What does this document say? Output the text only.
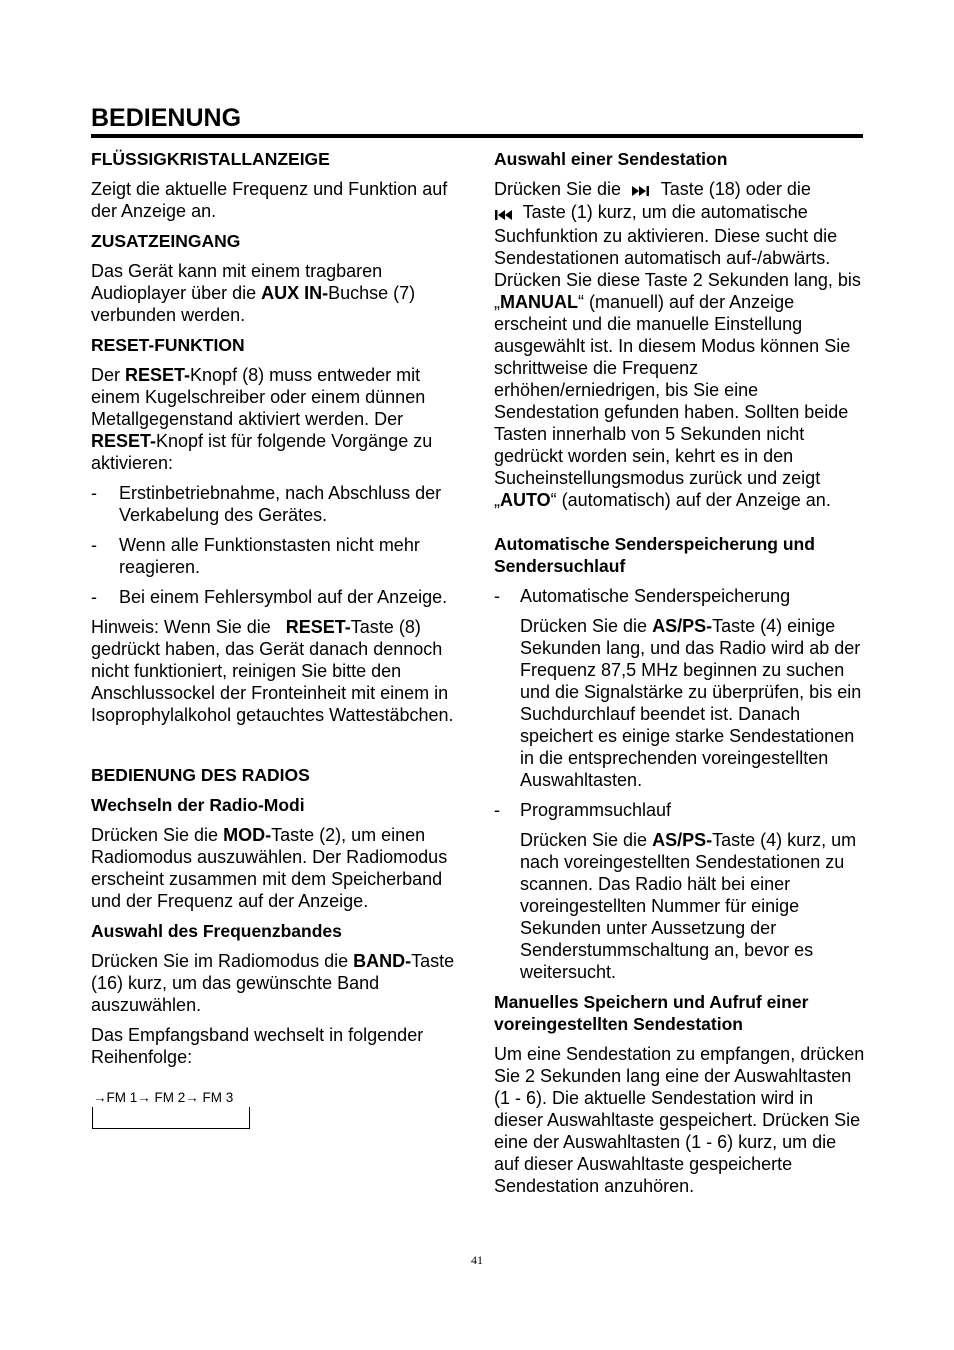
BEDIENUNG
FLÜSSIGKRISTALLANZEIGE

Zeigt die aktuelle Frequenz und Funktion auf der Anzeige an.

ZUSATZEINGANG

Das Gerät kann mit einem tragbaren Audioplayer über die AUX IN-Buchse (7) verbunden werden.

RESET-FUNKTION

Der RESET-Knopf (8) muss entweder mit einem Kugelschreiber oder einem dünnen Metallgegenstand aktiviert werden. Der RESET-Knopf ist für folgende Vorgänge zu aktivieren:

- Erstinbetriebnahme, nach Abschluss der Verkabelung des Gerätes.
- Wenn alle Funktionstasten nicht mehr reagieren.
- Bei einem Fehlersymbol auf der Anzeige.

Hinweis: Wenn Sie die   RESET-Taste (8) gedrückt haben, das Gerät danach dennoch nicht funktioniert, reinigen Sie bitte den Anschlussockel der Fronteinheit mit einem in Isoprophylalkohol getauchtes Wattestäbchen.

BEDIENUNG DES RADIOS
Wechseln der Radio-Modi

Drücken Sie die MOD-Taste (2), um einen Radiomodus auszuwählen. Der Radiomodus erscheint zusammen mit dem Speicherband und der Frequenz auf der Anzeige.

Auswahl des Frequenzbandes

Drücken Sie im Radiomodus die BAND-Taste (16) kurz, um das gewünschte Band auszuwählen.

Das Empfangsband wechselt in folgender Reihenfolge:

→FM 1→ FM 2→ FM 3
Auswahl einer Sendestation

Drücken Sie die  Taste (18) oder die
Taste (1) kurz, um die automatische Suchfunktion zu aktivieren. Diese sucht die Sendestationen automatisch auf-/abwärts. Drücken Sie diese Taste 2 Sekunden lang, bis „MANUAL“ (manuell) auf der Anzeige erscheint und die manuelle Einstellung ausgewählt ist. In diesem Modus können Sie schrittweise die Frequenz erhöhen/erniedrigen, bis Sie eine Sendestation gefunden haben. Sollten beide Tasten innerhalb von 5 Sekunden nicht gedrückt worden sein, kehrt es in den Sucheinstellungsmodus zurück und zeigt „AUTO“ (automatisch) auf der Anzeige an.

Automatische Senderspeicherung und Sendersuchlauf

- Automatische Senderspeicherung

Drücken Sie die AS/PS-Taste (4) einige Sekunden lang, und das Radio wird ab der Frequenz 87,5 MHz beginnen zu suchen und die Signalstärke zu überprüfen, bis ein Suchdurchlauf beendet ist. Danach speichert es einige starke Sendestationen in die entsprechenden voreingestellten Auswahltasten.

- Programmsuchlauf

Drücken Sie die AS/PS-Taste (4) kurz, um nach voreingestellten Sendestationen zu scannen. Das Radio hält bei einer voreingestellten Nummer für einige Sekunden unter Aussetzung der Senderstummschaltung an, bevor es weitersucht.

Manuelles Speichern und Aufruf einer voreingestellten Sendestation

Um eine Sendestation zu empfangen, drücken Sie 2 Sekunden lang eine der Auswahltasten (1 - 6). Die aktuelle Sendestation wird in dieser Auswahltaste gespeichert. Drücken Sie eine der Auswahltasten (1 - 6) kurz, um die auf dieser Auswahltaste gespeicherte Sendestation anzuhören.

41
